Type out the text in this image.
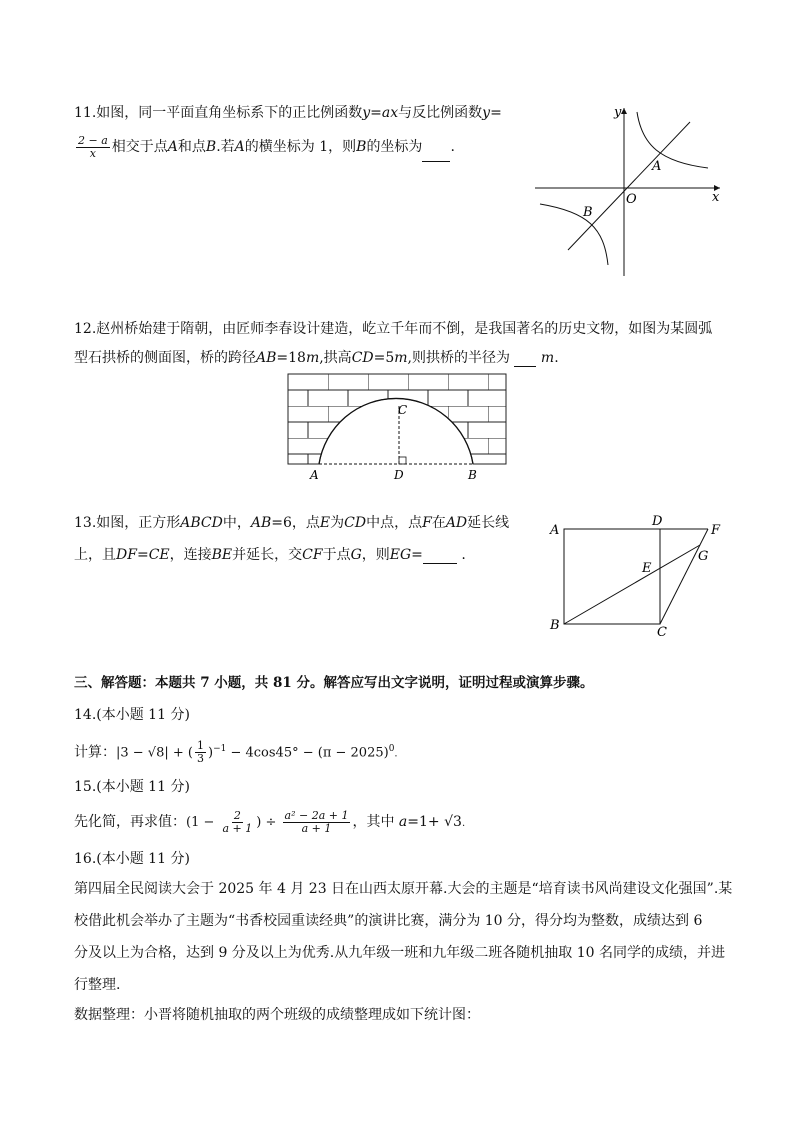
11.如图，同一平面直角坐标系下的正比例函数y=ax与反比例函数y=
$\frac{2 - a}{x}$ 相交于点A和点B.若A的横坐标为 1，则B的坐标为 .
y
x
O
A
B
12.赵州桥始建于隋朝，由匠师李春设计建造，屹立千年而不倒，是我国著名的历史文物，如图为某圆弧
型石拱桥的侧面图，桥的跨径AB=18m,拱高CD=5m,则拱桥的半径为 m.
A	B
D
C
13.如图，正方形ABCD中，AB=6，点E为CD中点，点F在AD延长线
上，且DF=CE，连接BE并延长，交CF于点G，则EG=	.
A
B	C
D
E
F
G
三、解答题：本题共 7 小题，共 81 分。解答应写出文字说明，证明过程或演算步骤。
14.(本小题 11 分)
计算：|3 − √8| + ( $\frac{1}{3} )^{-1} - 4\cos 45^\circ - (\pi - 2025)^0$.
15.(本小题 11 分)
先化简，再求值：($1 - \frac{2}{a + 1}$ ) ÷ $\frac{\text{a² − 2a + 1}}{a + 1}$ ，其中 a=1+ √3.
16.(本小题 11 分)
第四届全民阅读大会于 2025 年 4 月 23 日在山西太原开幕.大会的主题是“培育读书风尚建设文化强国”.某
校借此机会举办了主题为“书香校园重读经典”的演讲比赛，满分为 10 分，得分均为整数，成绩达到 6
分及以上为合格，达到 9 分及以上为优秀.从九年级一班和九年级二班各随机抽取 10 名同学的成绩，并进
行整理.
数据整理：小晋将随机抽取的两个班级的成绩整理成如下统计图：
